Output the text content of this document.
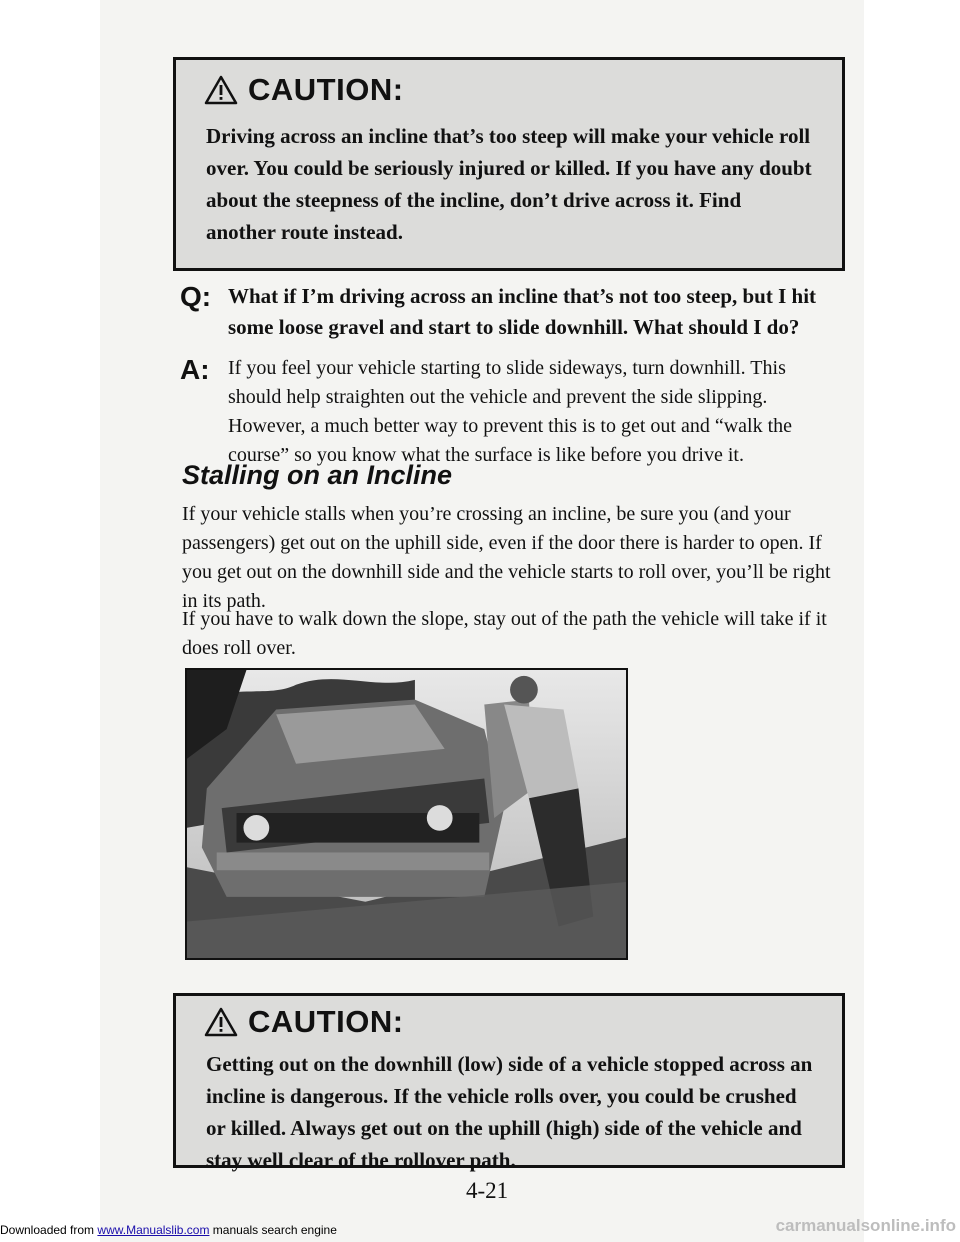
CAUTION:

Driving across an incline that’s too steep will make your vehicle roll over. You could be seriously injured or killed. If you have any doubt about the steepness of the incline, don’t drive across it. Find another route instead.

Q: What if I’m driving across an incline that’s not too steep, but I hit some loose gravel and start to slide downhill. What should I do?
A: If you feel your vehicle starting to slide sideways, turn downhill. This should help straighten out the vehicle and prevent the side slipping. However, a much better way to prevent this is to get out and “walk the course” so you know what the surface is like before you drive it.
Stalling on an Incline

If your vehicle stalls when you’re crossing an incline, be sure you (and your passengers) get out on the uphill side, even if the door there is harder to open. If you get out on the downhill side and the vehicle starts to roll over, you’ll be right in its path.

If you have to walk down the slope, stay out of the path the vehicle will take if it does roll over.

CAUTION:

Getting out on the downhill (low) side of a vehicle stopped across an incline is dangerous. If the vehicle rolls over, you could be crushed or killed. Always get out on the uphill (high) side of the vehicle and stay well clear of the rollover path.

4-21

Downloaded from www.Manualslib.com manuals search engine	carmanualsonline.info
